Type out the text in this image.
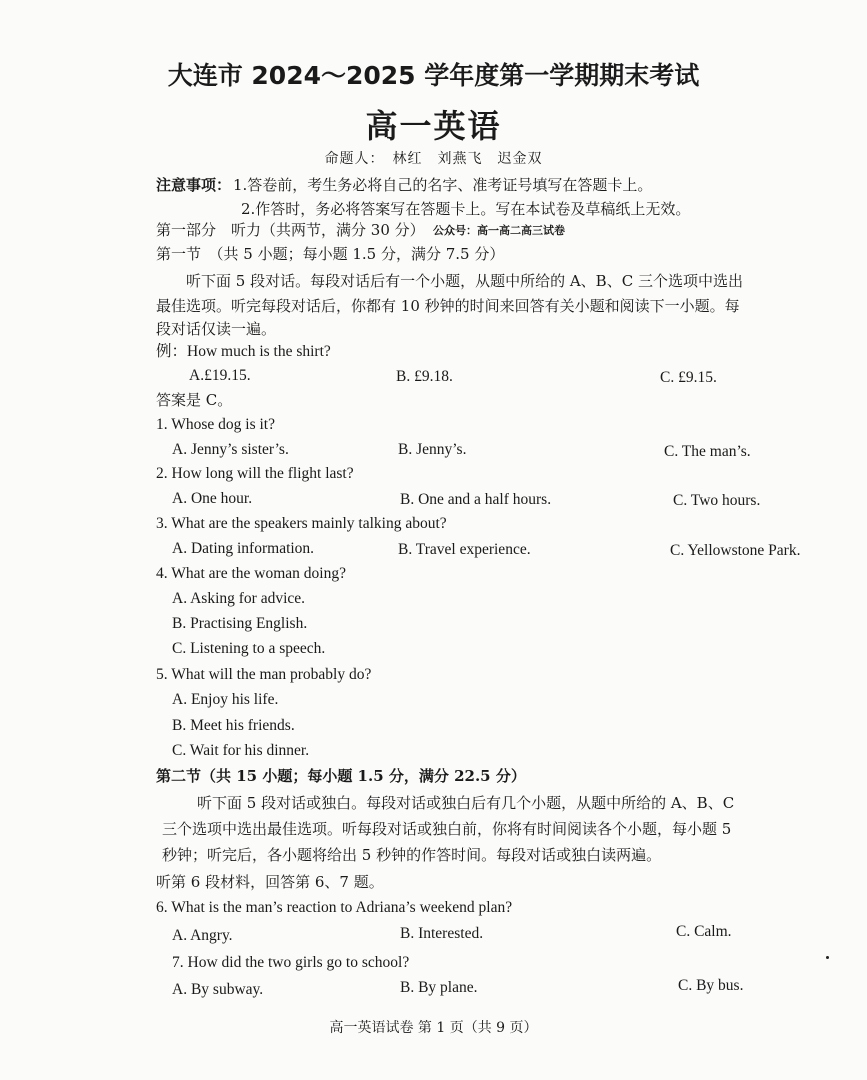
大连市 2024～2025 学年度第一学期期末考试
高一英语
命题人：　林红　刘燕飞　迟金双
注意事项： 1.答卷前，考生务必将自己的名字、准考证号填写在答题卡上。
2.作答时，务必将答案写在答题卡上。写在本试卷及草稿纸上无效。
第一部分　听力（共两节，满分 30 分） 公众号：高一高二高三试卷
第一节　（共 5 小题；每小题 1.5 分，满分 7.5 分）
听下面 5 段对话。每段对话后有一个小题，从题中所给的 A、B、C 三个选项中选出
最佳选项。听完每段对话后，你都有 10 秒钟的时间来回答有关小题和阅读下一小题。每
段对话仅读一遍。
例：How much is the shirt?
A.£19.15.	B. £9.18.	C. £9.15.
答案是 C。
1. Whose dog is it?
A. Jenny’s sister’s.	B. Jenny’s.	C. The man’s.
2. How long will the flight last?
A. One hour.	B. One and a half hours.	C. Two hours.
3. What are the speakers mainly talking about?
A. Dating information.	B. Travel experience.	C. Yellowstone Park.
4. What are the woman doing?
A. Asking for advice.
B. Practising English.
C. Listening to a speech.
5. What will the man probably do?
A. Enjoy his life.
B. Meet his friends.
C. Wait for his dinner.
第二节（共 15 小题；每小题 1.5 分，满分 22.5 分）
听下面 5 段对话或独白。每段对话或独白后有几个小题，从题中所给的 A、B、C
三个选项中选出最佳选项。听每段对话或独白前，你将有时间阅读各个小题，每小题 5
秒钟；听完后，各小题将给出 5 秒钟的作答时间。每段对话或独白读两遍。
听第 6 段材料，回答第 6、7 题。
6. What is the man’s reaction to Adriana’s weekend plan?
A. Angry.	B. Interested.	C. Calm.
7. How did the two girls go to school?
A. By subway.	B. By plane.	C. By bus.
高一英语试卷 第 1 页（共 9 页）
